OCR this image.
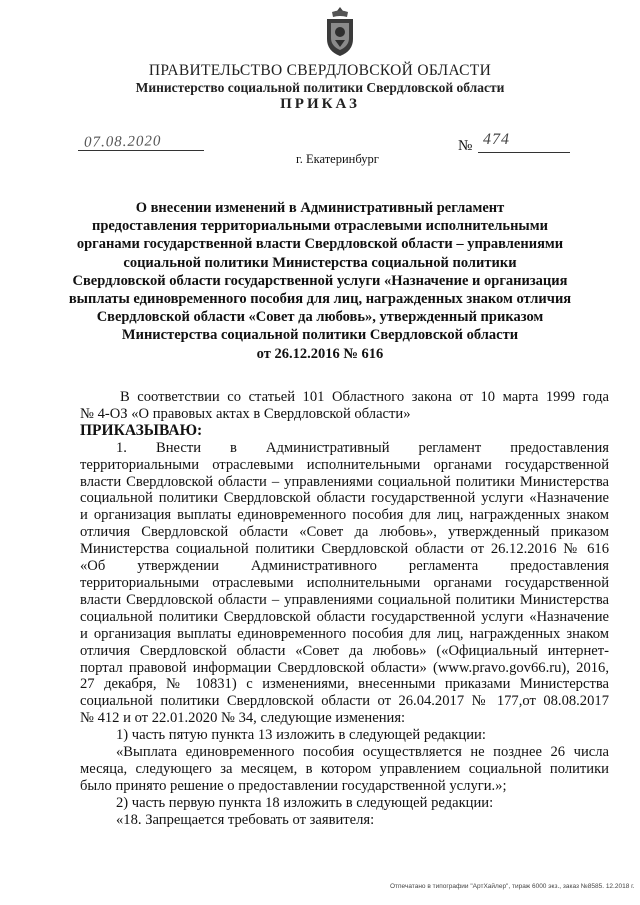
ПРАВИТЕЛЬСТВО СВЕРДЛОВСКОЙ ОБЛАСТИ
Министерство социальной политики Свердловской области
ПРИКАЗ
07.08.2020	№ 474
г. Екатеринбург
О внесении изменений в Административный регламент
предоставления территориальными отраслевыми исполнительными
органами государственной власти Свердловской области – управлениями
социальной политики Министерства социальной политики
Свердловской области государственной услуги «Назначение и организация
выплаты единовременного пособия для лиц, награжденных знаком отличия
Свердловской области «Совет да любовь», утвержденный приказом
Министерства социальной политики Свердловской области
от 26.12.2016 № 616
В соответствии со статьей 101 Областного закона от 10 марта 1999 года
№ 4-ОЗ «О правовых актах в Свердловской области»
ПРИКАЗЫВАЮ:
1. Внести в Административный регламент предоставления
территориальными отраслевыми исполнительными органами государственной
власти Свердловской области – управлениями социальной политики Министерства
социальной политики Свердловской области государственной услуги «Назначение
и организация выплаты единовременного пособия для лиц, награжденных знаком
отличия Свердловской области «Совет да любовь», утвержденный приказом
Министерства социальной политики Свердловской области от 26.12.2016 № 616
«Об утверждении Административного регламента предоставления
территориальными отраслевыми исполнительными органами государственной
власти Свердловской области – управлениями социальной политики Министерства
социальной политики Свердловской области государственной услуги «Назначение
и организация выплаты единовременного пособия для лиц, награжденных знаком
отличия Свердловской области «Совет да любовь» («Официальный интернет-
портал правовой информации Свердловской области» (www.pravo.gov66.ru), 2016,
27 декабря, № 10831) с изменениями, внесенными приказами Министерства
социальной политики Свердловской области от 26.04.2017 № 177,от 08.08.2017
№ 412 и от 22.01.2020 № 34, следующие изменения:
1) часть пятую пункта 13 изложить в следующей редакции:
«Выплата единовременного пособия осуществляется не позднее 26 числа
месяца, следующего за месяцем, в котором управлением социальной политики
было принято решение о предоставлении государственной услуги.»;
2) часть первую пункта 18 изложить в следующей редакции:
«18. Запрещается требовать от заявителя:
Отпечатано в типографии "АртХайлер", тираж 6000 экз., заказ №8585. 12.2018 г.
